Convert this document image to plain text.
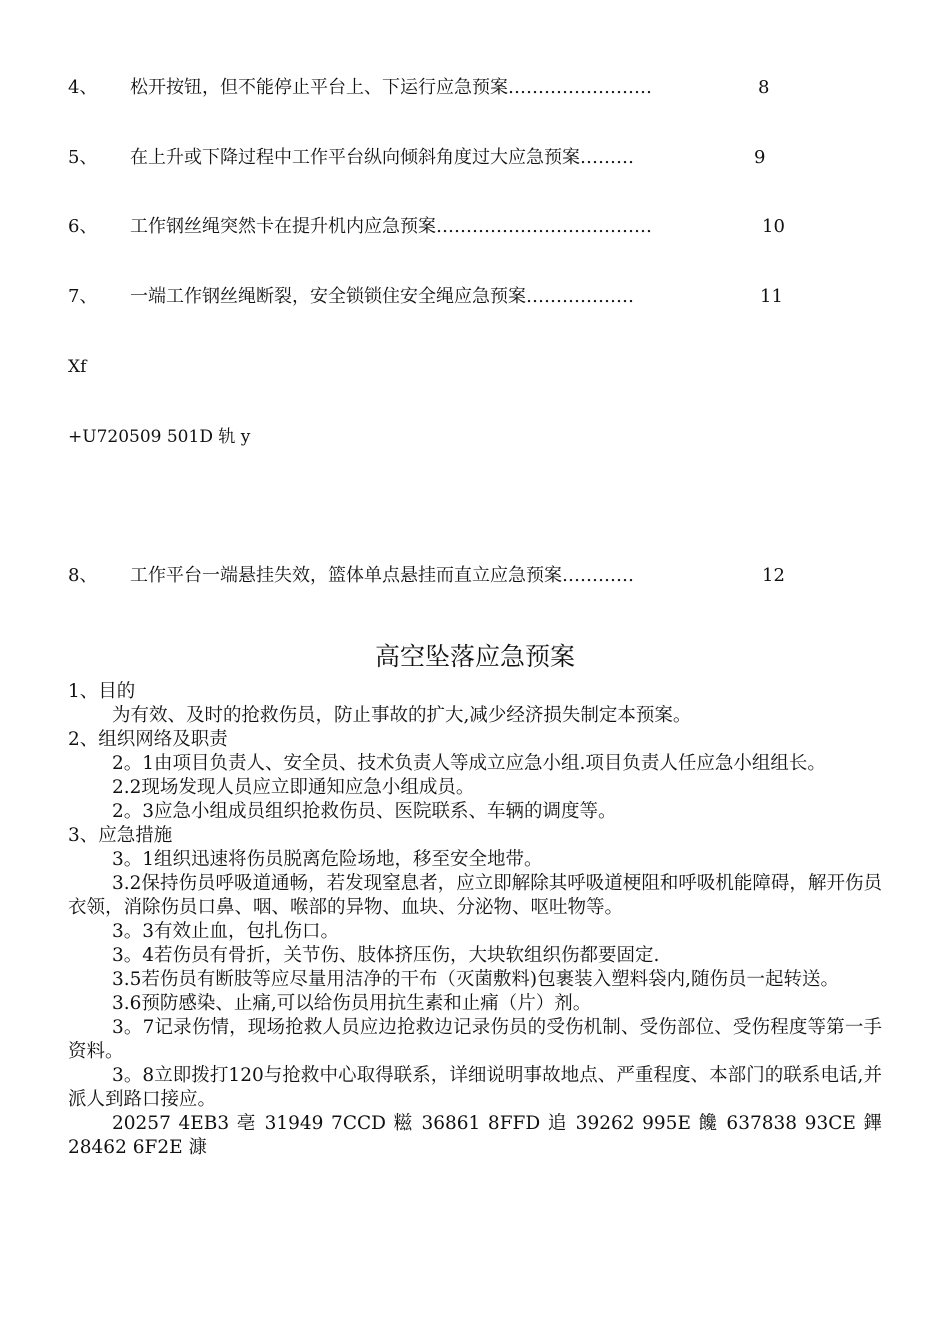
4、 松开按钮，但不能停止平台上、下运行应急预案……………………	8
5、 在上升或下降过程中工作平台纵向倾斜角度过大应急预案………	9
6、 工作钢丝绳突然卡在提升机内应急预案………………………………	10
7、 一端工作钢丝绳断裂，安全锁锁住安全绳应急预案………………	11
Xf
+U720509 501D 轨 y
8、 工作平台一端悬挂失效，篮体单点悬挂而直立应急预案…………	12
高空坠落应急预案

1、目的

为有效、及时的抢救伤员，防止事故的扩大,减少经济损失制定本预案。

2、组织网络及职责

2。1由项目负责人、安全员、技术负责人等成立应急小组.项目负责人任应急小组组长。

2.2现场发现人员应立即通知应急小组成员。

2。3应急小组成员组织抢救伤员、医院联系、车辆的调度等。

3、应急措施

3。1组织迅速将伤员脱离危险场地，移至安全地带。

3.2保持伤员呼吸道通畅，若发现窒息者，应立即解除其呼吸道梗阻和呼吸机能障碍，解开伤员衣领，消除伤员口鼻、咽、喉部的异物、血块、分泌物、呕吐物等。

3。3有效止血，包扎伤口。

3。4若伤员有骨折，关节伤、肢体挤压伤，大块软组织伤都要固定.

3.5若伤员有断肢等应尽量用洁净的干布（灭菌敷料)包裹装入塑料袋内,随伤员一起转送。

3.6预防感染、止痛,可以给伤员用抗生素和止痛（片）剂。

3。7记录伤情，现场抢救人员应边抢救边记录伤员的受伤机制、受伤部位、受伤程度等第一手资料。

3。8立即拨打120与抢救中心取得联系，详细说明事故地点、严重程度、本部门的联系电话,并派人到路口接应。

20257 4EB3 亳 31949 7CCD 糍 36861 8FFD 追 39262 995E 饞 637838 93CE 鏎 28462 6F2E 漮
